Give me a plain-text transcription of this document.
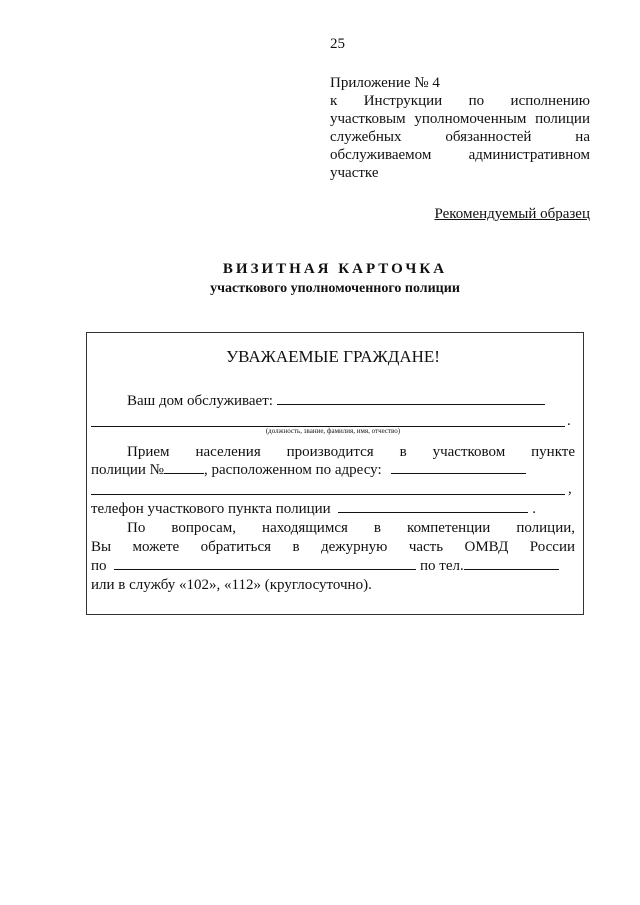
25
Приложение № 4
к Инструкции по исполнению
участковым уполномоченным полиции
служебных обязанностей на
обслуживаемом административном
участке
Рекомендуемый образец
ВИЗИТНАЯ КАРТОЧКА
участкового уполномоченного полиции
УВАЖАЕМЫЕ ГРАЖДАНЕ!
Ваш дом обслуживает:
.
(должность, звание, фамилия, имя, отчество)
Прием населения производится в участковом пункте
полиции №	, расположенном по адресу:
,
телефон участкового пункта полиции	.
По вопросам, находящимся в компетенции полиции,
Вы можете обратиться в дежурную часть ОМВД России
по	по тел.
или в службу «102», «112» (круглосуточно).
